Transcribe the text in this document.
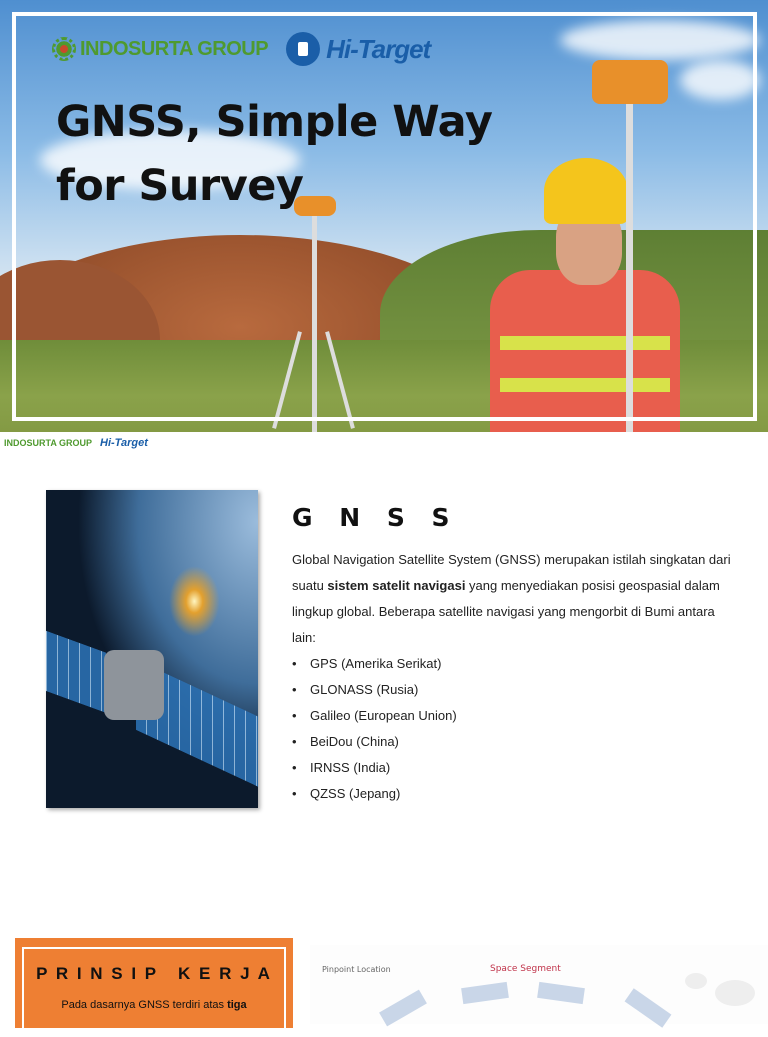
INDOSURTA GROUP Hi-Target
GNSS, Simple Way
for Survey
INDOSURTA GROUP Hi-Target
G N S S

Global Navigation Satellite System (GNSS) merupakan istilah singkatan dari suatu sistem satelit navigasi yang menyediakan posisi geospasial dalam lingkup global. Beberapa satellite navigasi yang mengorbit di Bumi antara lain:

• GPS (Amerika Serikat)
• GLONASS (Rusia)
• Galileo (European Union)
• BeiDou (China)
• IRNSS (India)
• QZSS (Jepang)
P R I N S I P   K E R J A
Pada dasarnya GNSS terdiri atas tiga
Pinpoint Location	Space Segment
